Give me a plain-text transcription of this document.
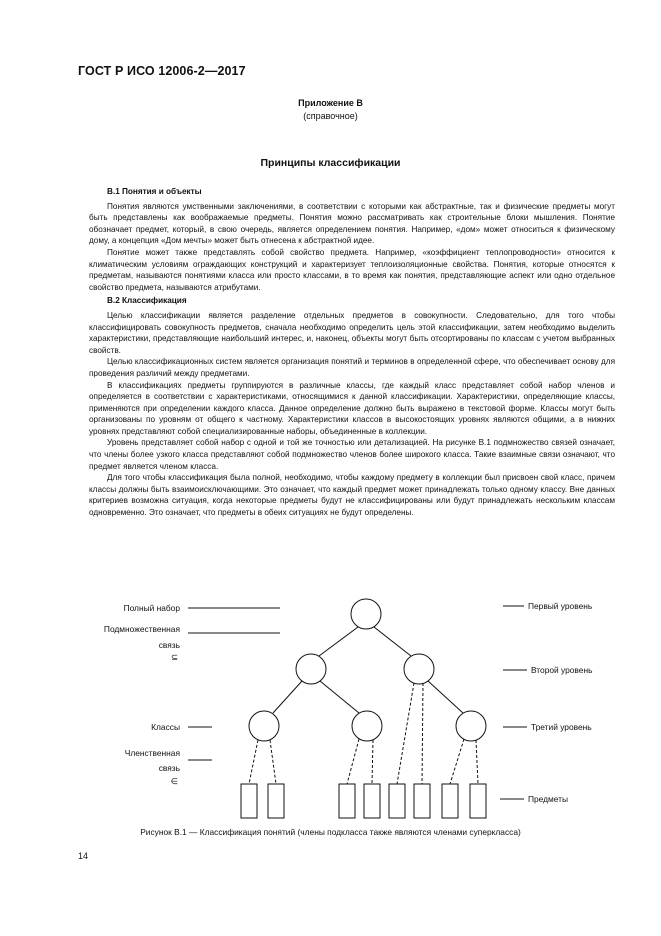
ГОСТ Р ИСО 12006-2—2017
Приложение В
(справочное)
Принципы классификации
В.1 Понятия и объекты

Понятия являются умственными заключениями, в соответствии с которыми как абстрактные, так и физические предметы могут быть представлены как воображаемые предметы. Понятия можно рассматривать как строительные блоки мышления. Понятие обозначает предмет, который, в свою очередь, является определением понятия. Например, «дом» может относиться к физическому дому, а концепция «Дом мечты» может быть отнесена к абстрактной идее.

Понятие может также представлять собой свойство предмета. Например, «коэффициент теплопроводности» относится к климатическим условиям ограждающих конструкций и характеризует теплоизоляционные свойства. Понятия, которые относятся к предметам, называются понятиями класса или просто классами, в то время как понятия, представляющие аспект или одно отдельное свойство предмета, называются атрибутами.

В.2 Классификация

Целью классификации является разделение отдельных предметов в совокупности. Следовательно, для того чтобы классифицировать совокупность предметов, сначала необходимо определить цель этой классификации, затем необходимо выделить характеристики, представляющие наибольший интерес, и, наконец, объекты могут быть отсортированы по классам с учетом выбранных свойств.

Целью классификационных систем является организация понятий и терминов в определенной сфере, что обеспечивает основу для проведения различий между предметами.

В классификациях предметы группируются в различные классы, где каждый класс представляет собой набор членов и определяется в соответствии с характеристиками, относящимися к данной классификации. Характеристики, определяющие классы, применяются при определении каждого класса. Данное определение должно быть выражено в текстовой форме. Классы могут быть организованы по уровням от общего к частному. Характеристики классов в высокостоящих уровнях являются общими, а в нижних уровнях представляют собой специализированные наборы, объединенные в коллекции.

Уровень представляет собой набор с одной и той же точностью или детализацией. На рисунке В.1 подмножество связей означает, что члены более узкого класса представляют собой подмножество членов более широкого класса. Такие взаимные связи означают, что предмет является членом класса.

Для того чтобы классификация была полной, необходимо, чтобы каждому предмету в коллекции был присвоен свой класс, причем классы должны быть взаимоисключающими. Это означает, что каждый предмет может принадлежать только одному классу. Вне данных критериев возможна ситуация, когда некоторые предметы будут не классифицированы или будут принадлежать нескольким классам одновременно. Это означает, что предметы в обеих ситуациях не будут определены.

Полный набор
Подмножественная
связь
⊆
Классы
Членственная
связь
∈
Первый уровень
Второй уровень
Третий уровень
Предметы
Рисунок В.1 — Классификация понятий (члены подкласса также являются членами суперкласса)
14
